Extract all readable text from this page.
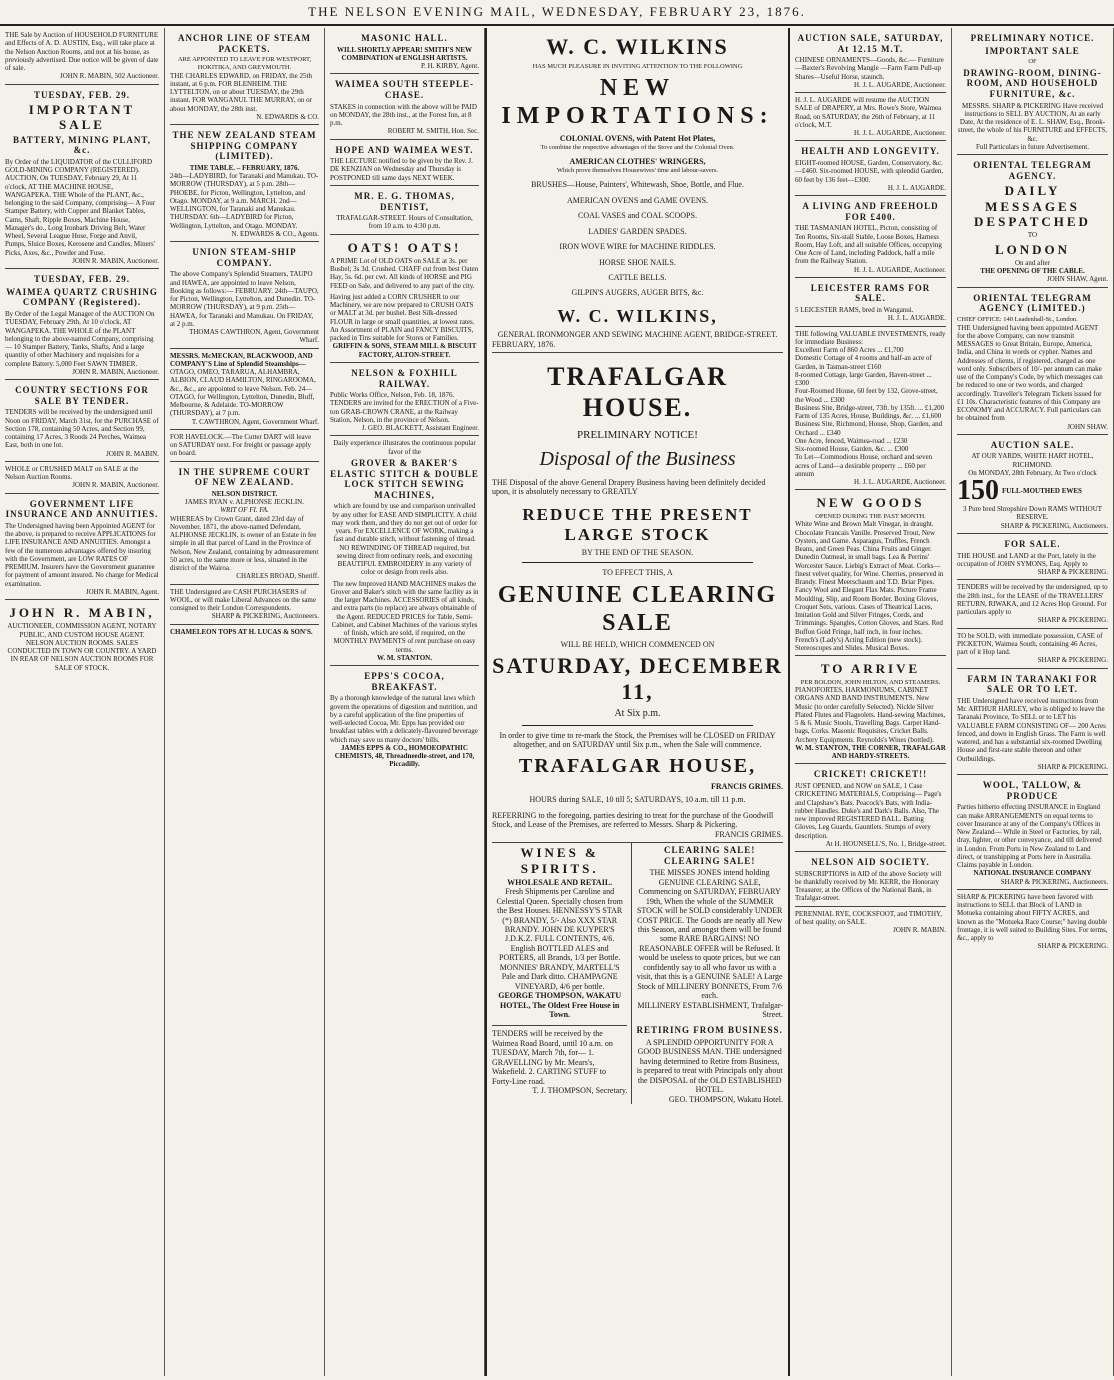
THE NELSON EVENING MAIL, WEDNESDAY, FEBRUARY 23, 1876.
THE Sale by Auction of HOUSEHOLD FURNITURE and Effects of A. D. AUSTIN, Esq., will take place at the Nelson Auction Rooms, and not at his house, as previously advertised. Due notice will be given of date of sale.
JOHN R. MABIN, 502 Auctioneer.
TUESDAY, FEB. 29.
IMPORTANT SALE
BATTERY, MINING PLANT, &c.
By Order of the LIQUIDATOR of the CULLIFORD GOLD-MINING COMPANY (REGISTERED). AUCTION, On TUESDAY, February 29, At 11 o'clock, AT THE MACHINE HOUSE, WANGAPEKA. THE Whole of the PLANT, &c., belonging to the said Company, comprising— A Four Stamper Battery, with Copper and Blanket Tables, Cams, Shaft, Ripple Boxes, Machine House, Manager's do., Long Ironbark Driving Belt, Water Wheel, Several League Hose, Forge and Anvil, Pumps, Sluice Boxes, Kerosene and Candles, Miners' Picks, Axes, &c., Powder and Fuse.
JOHN R. MABIN, Auctioneer.
TUESDAY, FEB. 29.
WAIMEA QUARTZ CRUSHING COMPANY (Registered).
By Order of the Legal Manager of the AUCTION On TUESDAY, February 29th, At 10 o'clock, AT WANGAPEKA. THE WHOLE of the PLANT belonging to the above-named Company, comprising— 10 Stamper Battery, Tanks, Shafts, And a large quantity of other Machinery and requisites for a complete Battery. 5,000 Feet SAWN TIMBER.
JOHN R. MABIN, Auctioneer.
COUNTRY SECTIONS FOR SALE BY TENDER.
TENDERS will be received by the undersigned until Noon on FRIDAY, March 31st, for the PURCHASE of Section 178, containing 50 Acres, and Section 99, containing 17 Acres, 3 Roods 24 Perches, Waimea East, both in one lot.
JOHN R. MABIN.
WHOLE or CRUSHED MALT on SALE at the Nelson Auction Rooms.
JOHN R. MABIN, Auctioneer.
GOVERNMENT LIFE INSURANCE AND ANNUITIES.
The Undersigned having been Appointed AGENT for the above, is prepared to receive APPLICATIONS for LIFE INSURANCE AND ANNUITIES. Amongst a few of the numerous advantages offered by insuring with the Government, are LOW RATES OF PREMIUM. Insurers have the Government guarantee for payment of amount insured. No charge for Medical examination.
JOHN R. MABIN, Agent.
JOHN R. MABIN,
AUCTIONEER, COMMISSION AGENT, NOTARY PUBLIC, AND CUSTOM HOUSE AGENT. NELSON AUCTION ROOMS. SALES CONDUCTED IN TOWN OR COUNTRY. A YARD IN REAR OF NELSON AUCTION ROOMS FOR SALE OF STOCK.
ANCHOR LINE OF STEAM PACKETS.
ARE APPOINTED TO LEAVE FOR WESTPORT, HOKITIKA, AND GREYMOUTH.
THE CHARLES EDWARD, on FRIDAY, the 25th instant, at 6 p.m. FOR BLENHEIM. THE LYTTELTON, on or about TUESDAY, the 29th instant. FOR WANGANUI. THE MURRAY, on or about MONDAY, the 28th inst.
N. EDWARDS & CO.
THE NEW ZEALAND STEAM SHIPPING COMPANY (LIMITED).
TIME TABLE. – FEBRUARY, 1876.
24th—LADYBIRD, for Taranaki and Manukau. TO-MORROW (THURSDAY), at 5 p.m. 28th—PHOEBE, for Picton, Wellington, Lyttelton, and Otago. MONDAY, at 9 a.m. MARCH. 2nd—WELLINGTON, for Taranaki and Manukau. THURSDAY. 6th—LADYBIRD for Picton, Wellington, Lyttelton, and Otago. MONDAY.
N. EDWARDS & CO., Agents.
UNION STEAM-SHIP COMPANY.
The above Company's Splendid Steamers, TAUPO and HAWEA, are appointed to leave Nelson, Booking as follows:— FEBRUARY. 24th—TAUPO, for Picton, Wellington, Lyttelton, and Dunedin. TO-MORROW (THURSDAY), at 9 p.m. 25th—HAWEA, for Taranaki and Manukau. On FRIDAY, at 2 p.m.
THOMAS CAWTHRON, Agent, Government Wharf.
MESSRS. McMECKAN, BLACKWOOD, AND COMPANY'S Line of Splendid Steamships—
OTAGO, OMEO, TARARUA, ALHAMBRA, ALBION, CLAUD HAMILTON, RINGAROOMA, &c., &c., are appointed to leave Nelson. Feb. 24—OTAGO, for Wellington, Lyttelton, Dunedin, Bluff, Melbourne, & Adelaide. TO-MORROW (THURSDAY), at 7 p.m.
T. CAWTHRON, Agent, Government Wharf.
FOR HAVELOCK.—The Cutter DART will leave on SATURDAY next. For freight or passage apply on board.
IN THE SUPREME COURT OF NEW ZEALAND.
NELSON DISTRICT.
JAMES RYAN v. ALPHONSE JECKLIN.
WRIT OF FI. FA.
WHEREAS by Crown Grant, dated 23rd day of November, 1871, the above-named Defendant, ALPHONSE JECKLIN, is owner of an Estate in fee simple in all that parcel of Land in the Province of Nelson, New Zealand, containing by admeasurement 50 acres, to the same more or less, situated in the district of the Wairoa.
CHARLES BROAD, Sheriff.
THE Undersigned are CASH PURCHASERS of WOOL, or will make Liberal Advances on the same consigned to their London Correspondents.
SHARP & PICKERING, Auctioneers.
CHAMELEON TOPS AT H. LUCAS & SON'S.
MASONIC HALL.
WILL SHORTLY APPEAR! SMITH'S NEW COMBINATION of ENGLISH ARTISTS.
P. H. KIRBY, Agent.
WAIMEA SOUTH STEEPLE-CHASE.
STAKES in connection with the above will be PAID on MONDAY, the 28th inst., at the Forest Inn, at 8 p.m.
ROBERT M. SMITH, Hon. Sec.
HOPE AND WAIMEA WEST.
THE LECTURE notified to be given by the Rev. J. DE KENZIAN on Wednesday and Thursday is POSTPONED till same days NEXT WEEK.
MR. E. G. THOMAS, DENTIST,
TRAFALGAR-STREET. Hours of Consultation, from 10 a.m. to 4:30 p.m.
OATS! OATS!
A PRIME Lot of OLD OATS on SALE at 3s. per Bushel; 3s 3d. Crushed. CHAFF cut from best Oaten Hay, 5s. 6d. per cwt. All kinds of HORSE and PIG FEED on Sale, and delivered to any part of the city.
Having just added a CORN CRUSHER to our Machinery, we are now prepared to CRUSH OATS or MALT at 3d. per bushel. Best Silk-dressed FLOUR in large or small quantities, at lowest rates. An Assortment of PLAIN and FANCY BISCUITS, packed in Tins suitable for Stores or Families.
GRIFFIN & SONS, STEAM MILL & BISCUIT FACTORY, ALTON-STREET.
NELSON & FOXHILL RAILWAY.
Public Works Office, Nelson, Feb. 18, 1876. TENDERS are invited for the ERECTION of a Five-ton GRAB-CROWN CRANE, at the Railway Station, Nelson, in the province of Nelson.
J. GEO. BLACKETT, Assistant Engineer.
Daily experience illustrates the continuous popular favor of the
GROVER & BAKER'S ELASTIC STITCH & DOUBLE LOCK STITCH SEWING MACHINES,
which are found by use and comparison unrivalled by any other for EASE AND SIMPLICITY. A child may work them, and they do not get out of order for years. For EXCELLENCE OF WORK, making a fast and durable stitch, without fastening of thread. NO REWINDING OF THREAD required, but sewing direct from ordinary reels, and executing BEAUTIFUL EMBROIDERY in any variety of color or design from reels also.
The new Improved HAND MACHINES makes the Grover and Baker's stitch with the same facility as in the larger Machines. ACCESSORIES of all kinds, and extra parts (to replace) are always obtainable of the Agent. REDUCED PRICES for Table, Semi-Cabinet, and Cabinet Machines of the various styles of finish, which are sold, if required, on the MONTHLY PAYMENTS of rent purchase on easy terms.
W. M. STANTON.
EPPS'S COCOA, BREAKFAST.
By a thorough knowledge of the natural laws which govern the operations of digestion and nutrition, and by a careful application of the fine properties of well-selected Cocoa, Mr. Epps has provided our breakfast tables with a delicately-flavoured beverage which may save us many doctors' bills.
JAMES EPPS & CO., HOMOEOPATHIC CHEMISTS, 48, Threadneedle-street, and 170, Piccadilly.
W. C. WILKINS
HAS MUCH PLEASURE IN INVITING ATTENTION TO THE FOLLOWING
NEW IMPORTATIONS:
COLONIAL OVENS, with Patent Hot Plates,
To combine the respective advantages of the Stove and the Colonial Oven.
AMERICAN CLOTHES' WRINGERS,
Which prove themselves Housewives' time and labour-savers.
BRUSHES—House, Painters', Whitewash, Shoe, Bottle, and Flue.
AMERICAN OVENS and GAME OVENS.
COAL VASES and COAL SCOOPS.
LADIES' GARDEN SPADES.
IRON WOVE WIRE for MACHINE RIDDLES.
HORSE SHOE NAILS.
CATTLE BELLS.
GILPIN'S AUGERS, AUGER BITS, &c.
W. C. WILKINS,
GENERAL IRONMONGER AND SEWING MACHINE AGENT, BRIDGE-STREET.
FEBRUARY, 1876.
TRAFALGAR HOUSE.
PRELIMINARY NOTICE!
Disposal of the Business
THE Disposal of the above General Drapery Business having been definitely decided upon, it is absolutely necessary to GREATLY
REDUCE THE PRESENT LARGE STOCK
BY THE END OF THE SEASON.
TO EFFECT THIS, A
GENUINE CLEARING SALE
WILL BE HELD, WHICH COMMENCED ON
SATURDAY, DECEMBER 11,
At Six p.m.
In order to give time to re-mark the Stock, the Premises will be CLOSED on FRIDAY altogether, and on SATURDAY until Six p.m., when the Sale will commence.
TRAFALGAR HOUSE,
FRANCIS GRIMES.
HOURS during SALE, 10 till 5; SATURDAYS, 10 a.m. till 11 p.m.
REFERRING to the foregoing, parties desiring to treat for the purchase of the Goodwill Stock, and Lease of the Premises, are referred to Messrs. Sharp & Pickering.
FRANCIS GRIMES.
WINES & SPIRITS.
WHOLESALE AND RETAIL.
Fresh Shipments per Caroline and Celestial Queen. Specially chosen from the Best Houses. HENNESSY'S STAR (*) BRANDY, 5/- Also XXX STAR BRANDY. JOHN DE KUYPER'S J.D.K.Z. FULL CONTENTS, 4/6. English BOTTLED ALES and PORTERS, all Brands, 1/3 per Bottle. MONNIES' BRANDY, MARTELL'S Pale and Dark ditto. CHAMPAGNE VINEYARD, 4/6 per bottle.
GEORGE THOMPSON, WAKATU HOTEL, The Oldest Free House in Town.
TENDERS will be received by the Waimea Road Board, until 10 a.m. on TUESDAY, March 7th, for— 1. GRAVELLING by Mr. Mears's, Wakefield. 2. CARTING STUFF to Forty-Line road.
T. J. THOMPSON, Secretary.
CLEARING SALE! CLEARING SALE!
THE MISSES JONES intend holding GENUINE CLEARING SALE, Commencing on SATURDAY, FEBRUARY 19th, When the whole of the SUMMER STOCK will be SOLD considerably UNDER COST PRICE. The Goods are nearly all New this Season, and amongst them will be found some RARE BARGAINS! NO REASONABLE OFFER will be Refused. It would be useless to quote prices, but we can confidently say to all who favor us with a visit, that this is a GENUINE SALE! A Large Stock of MILLINERY BONNETS, From 7/6 each.
MILLINERY ESTABLISHMENT, Trafalgar-Street.
RETIRING FROM BUSINESS.
A SPLENDID OPPORTUNITY FOR A GOOD BUSINESS MAN. THE undersigned having determined to Retire from Business, is prepared to treat with Principals only about the DISPOSAL of the OLD ESTABLISHED HOTEL.
GEO. THOMPSON, Wakatu Hotel.
AUCTION SALE, SATURDAY, At 12.15 M.T.
CHINESE ORNAMENTS—Goods, &c.— Furniture—Baxter's Revolving Mangle —Farm Farm Pull-up Shares—Useful Horse, staunch.
H. J. L. AUGARDE, Auctioneer.
H. J. L. AUGARDE will resume the AUCTION SALE of DRAPERY, at Mrs. Rowe's Store, Waimea Road, on SATURDAY, the 26th of February, at 11 o'clock, M.T.
H. J. L. AUGARDE, Auctioneer.
HEALTH AND LONGEVITY.
EIGHT-roomed HOUSE, Garden, Conservatory, &c.—£460. Six-roomed HOUSE, with splendid Garden, 60 feet by 136 feet—£300.
H. J. L. AUGARDE.
A LIVING AND FREEHOLD FOR £400.
THE TASMANIAN HOTEL, Picton, consisting of Ten Rooms, Six-stall Stable, Loose Boxes, Harness Room, Hay Loft, and all suitable Offices, occupying One Acre of Land, including Paddock, half a mile from the Railway Station.
H. J. L. AUGARDE, Auctioneer.
LEICESTER RAMS FOR SALE.
5 LEICESTER RAMS, bred in Wanganui.
H. J. L. AUGARDE.
THE following VALUABLE INVESTMENTS, ready for immediate Business:
Excellent Farm of 860 Acres ... £1,700
Domestic Cottage of 4 rooms and half-an acre of Garden, in Tasman-street £160
8-roomed Cottage, large Garden, Haven-street ... £300
Four-Roomed House, 60 feet by 132, Grove-street, the Wood ... £300
Business Site, Bridge-street, 73ft. by 135ft. ... £1,200
Farm of 135 Acres, House, Buildings, &c. ... £1,600
Business Site, Richmond, House, Shop, Garden, and Orchard ... £340
One Acre, fenced, Waimea-road ... £230
Six-roomed House, Garden, &c. ... £300
To Let—Commodious House, orchard and seven acres of Land—a desirable property ... £60 per annum
H. J. L. AUGARDE, Auctioneer.
NEW GOODS
OPENED DURING THE PAST MONTH.
White Wine and Brown Malt Vinegar, in draught. Chocolate Francais Vanille. Preserved Trout, New Oysters, and Game. Asparagus, Truffles, French Beans, and Green Peas. China Fruits and Ginger. Dunedin Oatmeal, in small bags. Lea & Perrins' Worcester Sauce. Liebig's Extract of Meat. Corks—finest velvet quality, for Wine. Cherries, preserved in Brandy. Finest Meerschaum and T.D. Briar Pipes. Fancy Wool and Elegant Flax Mats. Picture Frame Moulding, Slip, and Room Border. Boxing Gloves, Croquet Sets, various. Cases of Theatrical Laces, Imitation Gold and Silver Fringes, Cords, and Trimmings. Spangles, Cotton Gloves, and Stars. Red Buffon Gold Fringe, half inch, in four inches. French's (Lady's) Acting Edition (new stock). Stereoscopes and Slides. Musical Boxes.
TO ARRIVE
PER BOLDON, JOHN HILTON, AND STEAMERS.
PIANOFORTES, HARMONIUMS, CABINET ORGANS AND BAND INSTRUMENTS. New Music (to order carefully Selected). Nickle Silver Plated Flutes and Flageolets. Hand-sewing Machines, 5 & 6. Music Stools, Travelling Bags. Carpet Hand-bags, Corks. Masonic Requisites, Cricket Balls. Archery Equipments. Reynolds's Wines (bottled).
W. M. STANTON, THE CORNER, TRAFALGAR AND HARDY-STREETS.
CRICKET! CRICKET!!
JUST OPENED, and NOW on SALE, 1 Case CRICKETING MATERIALS, Comprising— Page's and Clapshaw's Bats. Peacock's Bats, with India-rubber Handles. Duke's and Dark's Balls. Also, The new improved REGISTERED BALL. Batting Gloves, Leg Guards, Gauntlets. Stumps of every description.
At H. HOUNSELL'S, No. 1, Bridge-street.
NELSON AID SOCIETY.
SUBSCRIPTIONS in AID of the above Society will be thankfully received by Mr. KERR, the Honorary Treasurer, at the Offices of the National Bank, in Trafalgar-street.
PERENNIAL RYE, COCKSFOOT, and TIMOTHY, of best quality, on SALE.
JOHN R. MABIN.
PRELIMINARY NOTICE.
IMPORTANT SALE
OF
DRAWING-ROOM, DINING-ROOM, AND HOUSEHOLD FURNITURE, &c.
MESSRS. SHARP & PICKERING Have received instructions to SELL BY AUCTION, At an early Date, At the residence of E. L. SHAW, Esq., Brook-street, the whole of his FURNITURE and EFFECTS, &c.
Full Particulars in future Advertisement.
ORIENTAL TELEGRAM AGENCY.
DAILY MESSAGES DESPATCHED
TO
LONDON
On and after
THE OPENING OF THE CABLE.
JOHN SHAW, Agent.
ORIENTAL TELEGRAM AGENCY (LIMITED.)
CHIEF OFFICE: 140 Leadenhall-St., London.
THE Undersigned having been appointed AGENT for the above Company, can now transmit MESSAGES to Great Britain, Europe, America, India, and China in words or cypher. Names and Addresses of clients, if registered, charged as one word only. Subscribers of 10/- per annum can make use of the Company's Code, by which messages can be reduced to one or two words, and charged accordingly. Traveller's Telegram Tickets issued for £1 10s. Characteristic features of this Company are ECONOMY and ACCURACY. Full particulars can be obtained from
JOHN SHAW.
AUCTION SALE.
AT OUR YARDS, WHITE HART HOTEL, RICHMOND.
On MONDAY, 28th February, At Two o'clock
150 FULL-MOUTHED EWES
3 Pure bred Shropshire Down RAMS WITHOUT RESERVE.
SHARP & PICKERING, Auctioneers.
FOR SALE.
THE HOUSE and LAND at the Port, lately in the occupation of JOHN SYMONS, Esq. Apply to
SHARP & PICKERING.
TENDERS will be received by the undersigned, up to the 28th inst., for the LEASE of the TRAVELLERS' RETURN, RIWAKA, and 12 Acres Hop Ground. For particulars apply to
SHARP & PICKERING.
TO be SOLD, with immediate possession, CASE of PICKETON, Waimea South, containing 46 Acres, part of it Hop land.
SHARP & PICKERING.
FARM IN TARANAKI FOR SALE OR TO LET.
THE Undersigned have received instructions from Mr. ARTHUR HARLEY, who is obliged to leave the Taranaki Province, To SELL or to LET his VALUABLE FARM CONSISTING OF— 200 Acres fenced, and down in English Grass. The Farm is well watered, and has a substantial six-roomed Dwelling House and first-rate stable thereon and other Outbuildings.
SHARP & PICKERING.
WOOL, TALLOW, & PRODUCE
Parties hitherto effecting INSURANCE in England can make ARRANGEMENTS on equal terms to cover Insurance at any of the Company's Offices in New Zealand— While in Steel or Factories, by rail, dray, lighter, or other conveyance, and till delivered in London. From Ports in New Zealand to Land direct, or transhipping at Ports here in Australia. Claims payable in London.
NATIONAL INSURANCE COMPANY
SHARP & PICKERING, Auctioneers.
SHARP & PICKERING have been favored with instructions to SELL that Block of LAND in Motueka containing about FIFTY ACRES, and known as the "Motueka Race Course;" having double frontage, it is well suited to Building Sites. For terms, &c., apply to
SHARP & PICKERING.
